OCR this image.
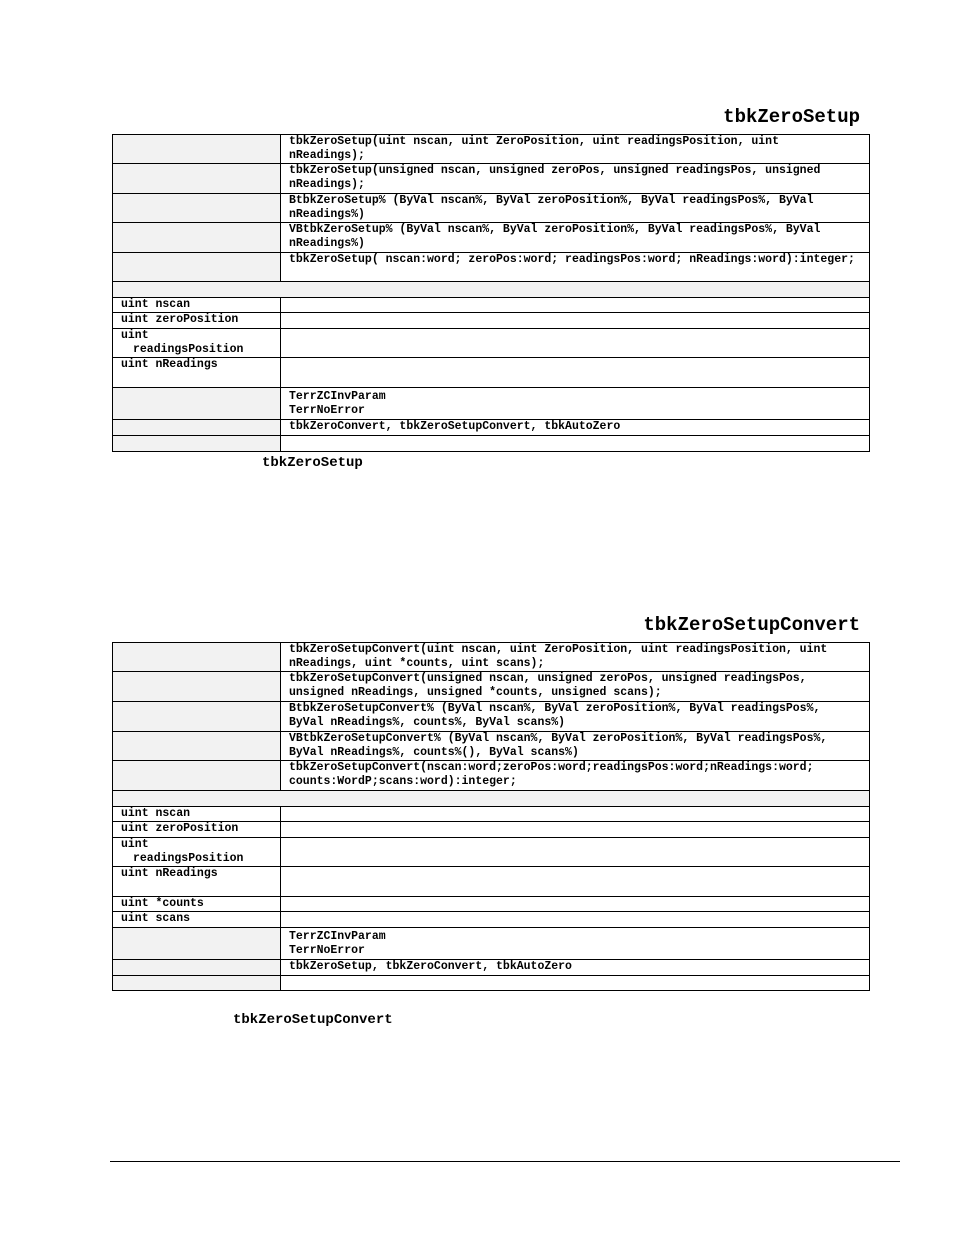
tbkZeroSetup
	tbkZeroSetup(uint nscan, uint ZeroPosition, uint readingsPosition, uint nReadings);
	tbkZeroSetup(unsigned nscan, unsigned zeroPos, unsigned readingsPos, unsigned nReadings);
	BtbkZeroSetup% (ByVal nscan%, ByVal zeroPosition%, ByVal readingsPos%, ByVal nReadings%)
	VBtbkZeroSetup% (ByVal nscan%, ByVal zeroPosition%, ByVal readingsPos%, ByVal nReadings%)
	tbkZeroSetup( nscan:word; zeroPos:word; readingsPos:word; nReadings:word):integer;

uint nscan	
uint zeroPosition	
uint
readingsPosition	
uint nReadings	
	TerrZCInvParam
TerrNoError
	tbkZeroConvert, tbkZeroSetupConvert, tbkAutoZero

tbkZeroSetup
tbkZeroSetupConvert
	tbkZeroSetupConvert(uint nscan, uint ZeroPosition, uint readingsPosition, uint nReadings, uint *counts, uint scans);
	tbkZeroSetupConvert(unsigned nscan, unsigned zeroPos, unsigned readingsPos, unsigned nReadings, unsigned *counts, unsigned scans);
	BtbkZeroSetupConvert% (ByVal nscan%, ByVal zeroPosition%, ByVal readingsPos%, ByVal nReadings%, counts%, ByVal scans%)
	VBtbkZeroSetupConvert% (ByVal nscan%, ByVal zeroPosition%, ByVal readingsPos%, ByVal nReadings%, counts%(), ByVal scans%)
	tbkZeroSetupConvert(nscan:word;zeroPos:word;readingsPos:word;nReadings:word; counts:WordP;scans:word):integer;

uint nscan	
uint zeroPosition	
uint
readingsPosition	
uint nReadings	
uint *counts	
uint scans	
	TerrZCInvParam
TerrNoError
	tbkZeroSetup, tbkZeroConvert, tbkAutoZero

tbkZeroSetupConvert
